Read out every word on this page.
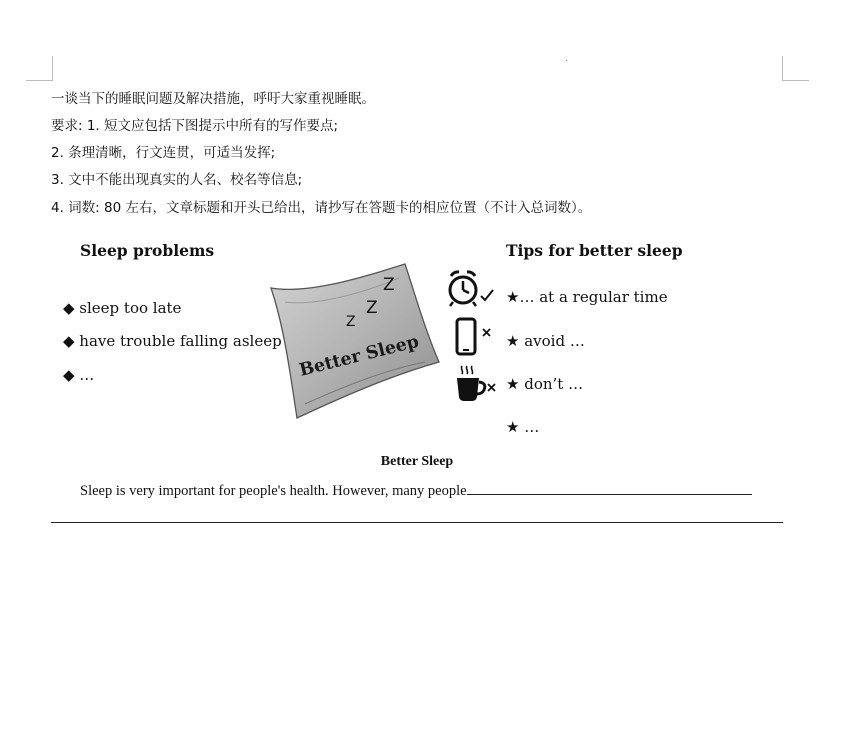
一谈当下的睡眠问题及解决措施，呼吁大家重视睡眠。
要求: 1. 短文应包括下图提示中所有的写作要点;
2. 条理清晰，行文连贯，可适当发挥;
3. 文中不能出现真实的人名、校名等信息;
4. 词数: 80 左右，文章标题和开头已给出，请抄写在答题卡的相应位置（不计入总词数）。
Sleep problems
◆ sleep too late
◆ have trouble falling asleep
◆ …
Z
Z
Z
Better Sleep
Tips for better sleep
★… at a regular time
★ avoid …
★ don’t …
★ …
Better Sleep
Sleep is very important for people's health. However, many people
